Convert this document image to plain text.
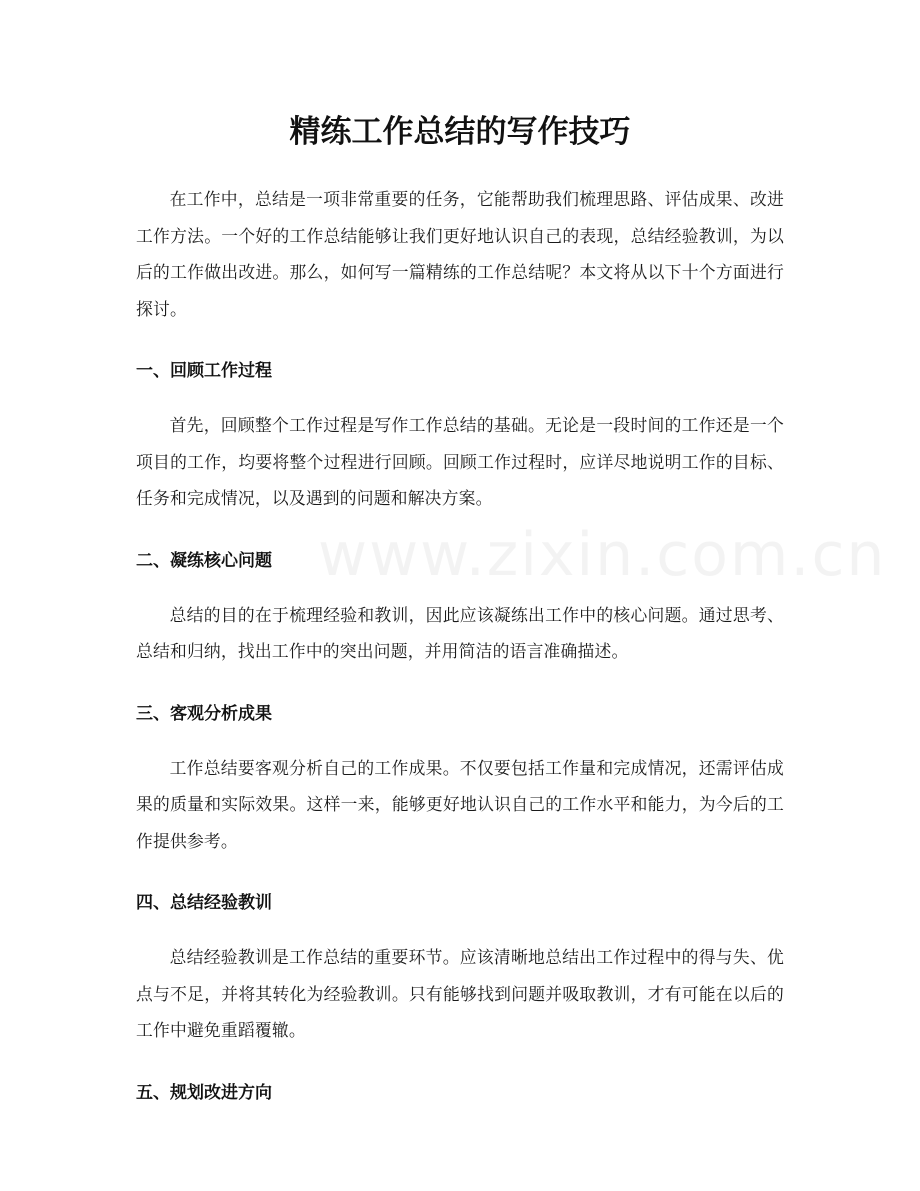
www.zixin.com.cn
精练工作总结的写作技巧

在工作中，总结是一项非常重要的任务，它能帮助我们梳理思路、评估成果、改进工作方法。一个好的工作总结能够让我们更好地认识自己的表现，总结经验教训，为以后的工作做出改进。那么，如何写一篇精练的工作总结呢？本文将从以下十个方面进行探讨。

一、回顾工作过程

首先，回顾整个工作过程是写作工作总结的基础。无论是一段时间的工作还是一个项目的工作，均要将整个过程进行回顾。回顾工作过程时，应详尽地说明工作的目标、任务和完成情况，以及遇到的问题和解决方案。

二、凝练核心问题

总结的目的在于梳理经验和教训，因此应该凝练出工作中的核心问题。通过思考、总结和归纳，找出工作中的突出问题，并用简洁的语言准确描述。

三、客观分析成果

工作总结要客观分析自己的工作成果。不仅要包括工作量和完成情况，还需评估成果的质量和实际效果。这样一来，能够更好地认识自己的工作水平和能力，为今后的工作提供参考。

四、总结经验教训

总结经验教训是工作总结的重要环节。应该清晰地总结出工作过程中的得与失、优点与不足，并将其转化为经验教训。只有能够找到问题并吸取教训，才有可能在以后的工作中避免重蹈覆辙。

五、规划改进方向
